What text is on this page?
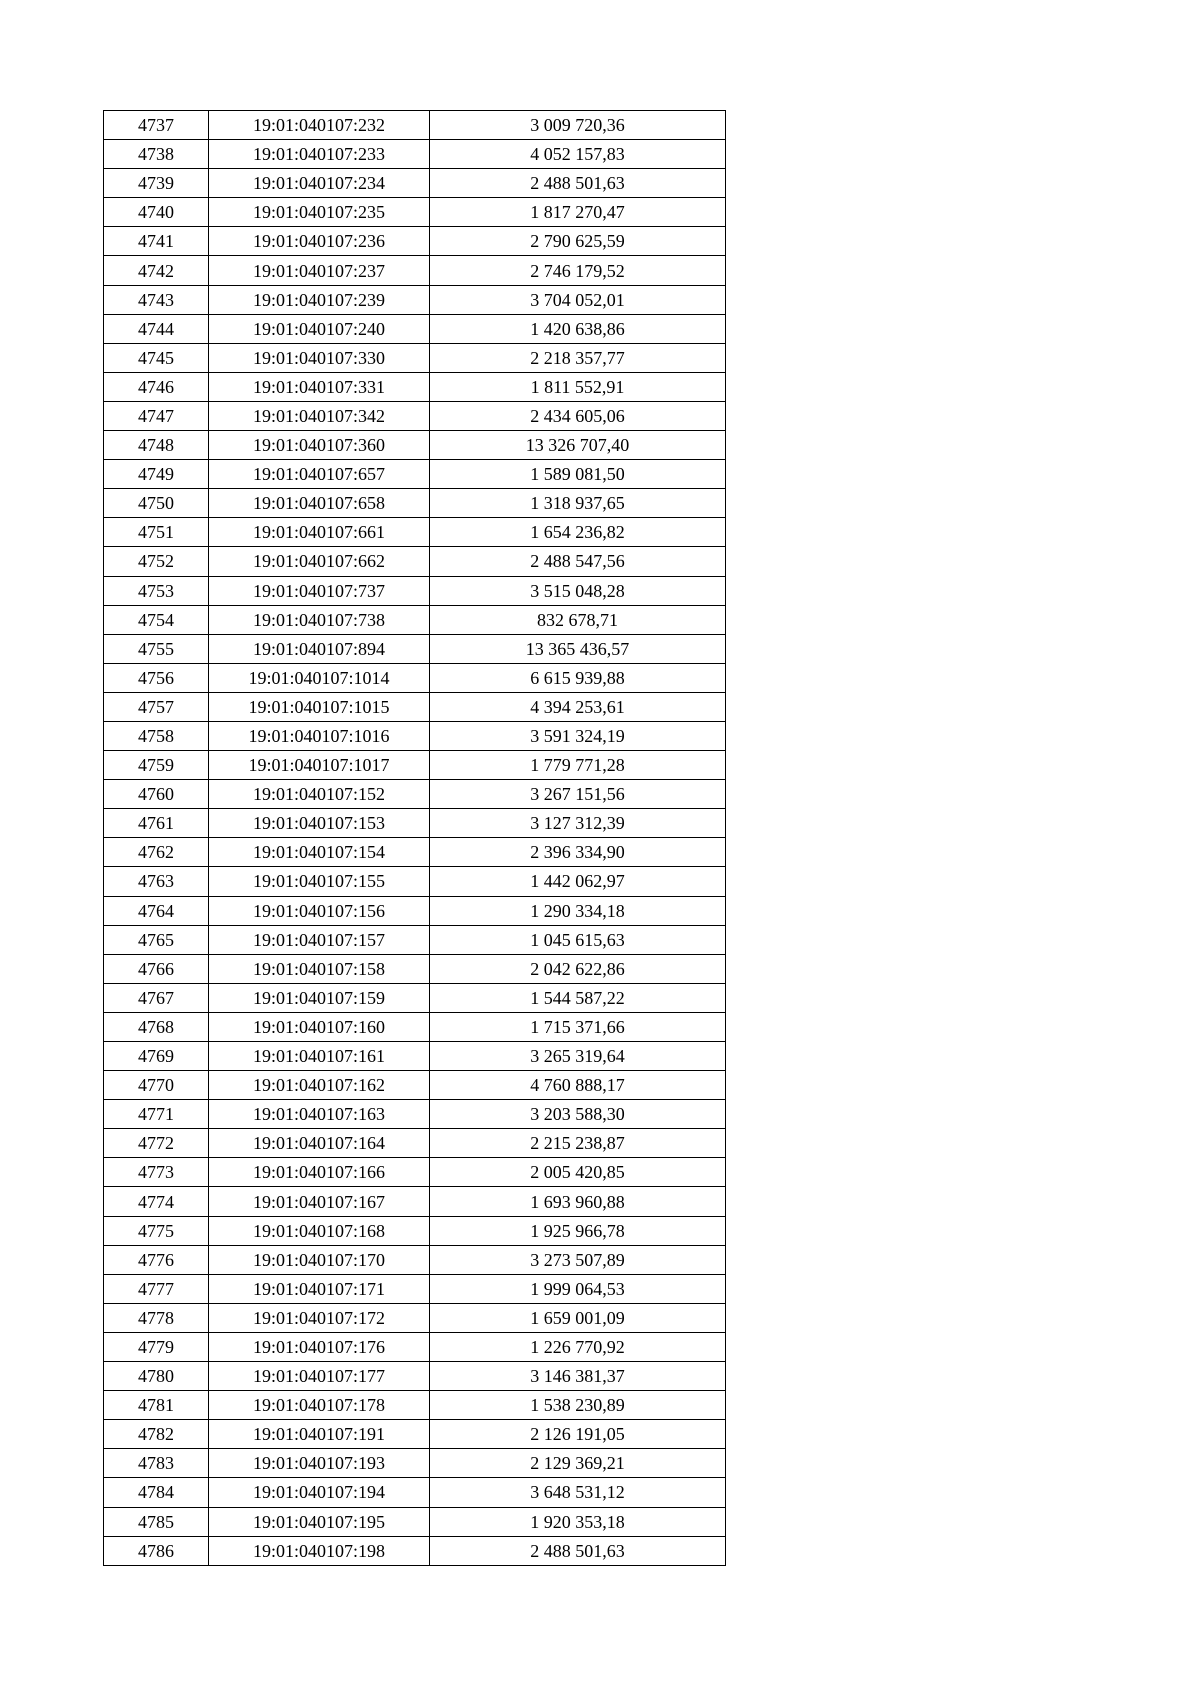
4737	19:01:040107:232	3 009 720,36
4738	19:01:040107:233	4 052 157,83
4739	19:01:040107:234	2 488 501,63
4740	19:01:040107:235	1 817 270,47
4741	19:01:040107:236	2 790 625,59
4742	19:01:040107:237	2 746 179,52
4743	19:01:040107:239	3 704 052,01
4744	19:01:040107:240	1 420 638,86
4745	19:01:040107:330	2 218 357,77
4746	19:01:040107:331	1 811 552,91
4747	19:01:040107:342	2 434 605,06
4748	19:01:040107:360	13 326 707,40
4749	19:01:040107:657	1 589 081,50
4750	19:01:040107:658	1 318 937,65
4751	19:01:040107:661	1 654 236,82
4752	19:01:040107:662	2 488 547,56
4753	19:01:040107:737	3 515 048,28
4754	19:01:040107:738	832 678,71
4755	19:01:040107:894	13 365 436,57
4756	19:01:040107:1014	6 615 939,88
4757	19:01:040107:1015	4 394 253,61
4758	19:01:040107:1016	3 591 324,19
4759	19:01:040107:1017	1 779 771,28
4760	19:01:040107:152	3 267 151,56
4761	19:01:040107:153	3 127 312,39
4762	19:01:040107:154	2 396 334,90
4763	19:01:040107:155	1 442 062,97
4764	19:01:040107:156	1 290 334,18
4765	19:01:040107:157	1 045 615,63
4766	19:01:040107:158	2 042 622,86
4767	19:01:040107:159	1 544 587,22
4768	19:01:040107:160	1 715 371,66
4769	19:01:040107:161	3 265 319,64
4770	19:01:040107:162	4 760 888,17
4771	19:01:040107:163	3 203 588,30
4772	19:01:040107:164	2 215 238,87
4773	19:01:040107:166	2 005 420,85
4774	19:01:040107:167	1 693 960,88
4775	19:01:040107:168	1 925 966,78
4776	19:01:040107:170	3 273 507,89
4777	19:01:040107:171	1 999 064,53
4778	19:01:040107:172	1 659 001,09
4779	19:01:040107:176	1 226 770,92
4780	19:01:040107:177	3 146 381,37
4781	19:01:040107:178	1 538 230,89
4782	19:01:040107:191	2 126 191,05
4783	19:01:040107:193	2 129 369,21
4784	19:01:040107:194	3 648 531,12
4785	19:01:040107:195	1 920 353,18
4786	19:01:040107:198	2 488 501,63
